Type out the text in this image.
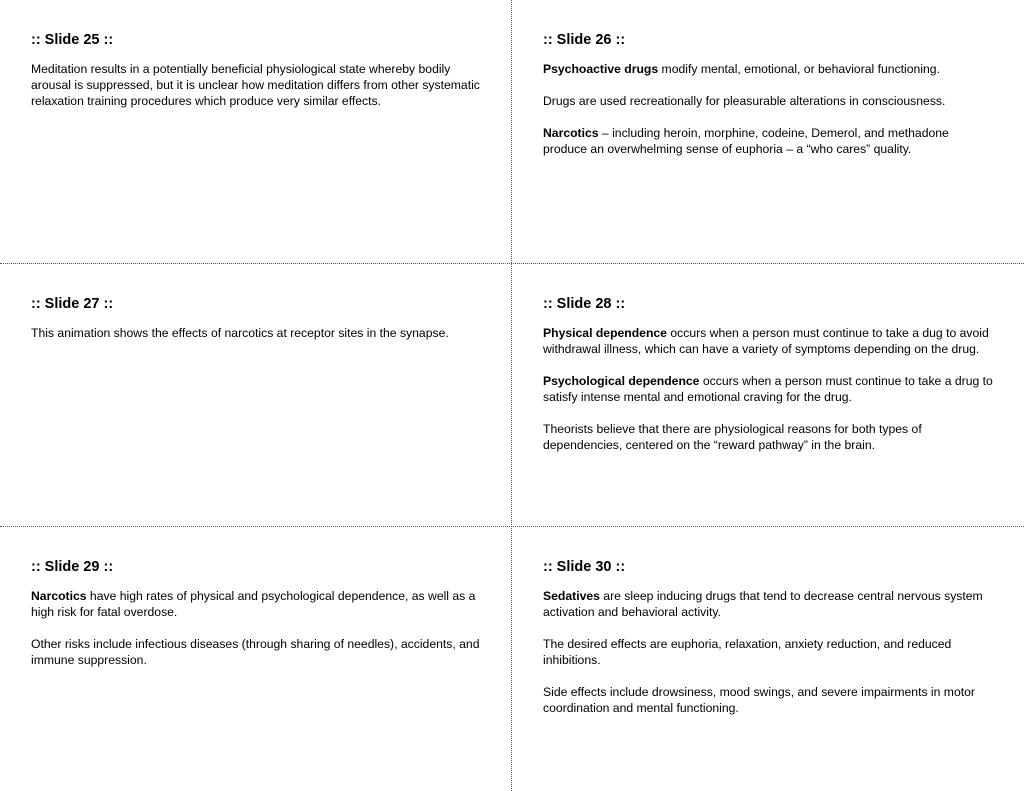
:: Slide 25 ::

Meditation results in a potentially beneficial physiological state whereby bodily arousal is suppressed, but it is unclear how meditation differs from other systematic relaxation training procedures which produce very similar effects.

:: Slide 26 ::

Psychoactive drugs modify mental, emotional, or behavioral functioning.

Drugs are used recreationally for pleasurable alterations in consciousness.

Narcotics – including heroin, morphine, codeine, Demerol, and methadone produce an overwhelming sense of euphoria – a “who cares” quality.

:: Slide 27 ::

This animation shows the effects of narcotics at receptor sites in the synapse.

:: Slide 28 ::

Physical dependence occurs when a person must continue to take a dug to avoid withdrawal illness, which can have a variety of symptoms depending on the drug.

Psychological dependence occurs when a person must continue to take a drug to satisfy intense mental and emotional craving for the drug.

Theorists believe that there are physiological reasons for both types of dependencies, centered on the “reward pathway” in the brain.

:: Slide 29 ::

Narcotics have high rates of physical and psychological dependence, as well as a high risk for fatal overdose.

Other risks include infectious diseases (through sharing of needles), accidents, and immune suppression.

:: Slide 30 ::

Sedatives are sleep inducing drugs that tend to decrease central nervous system activation and behavioral activity.

The desired effects are euphoria, relaxation, anxiety reduction, and reduced inhibitions.

Side effects include drowsiness, mood swings, and severe impairments in motor coordination and mental functioning.
